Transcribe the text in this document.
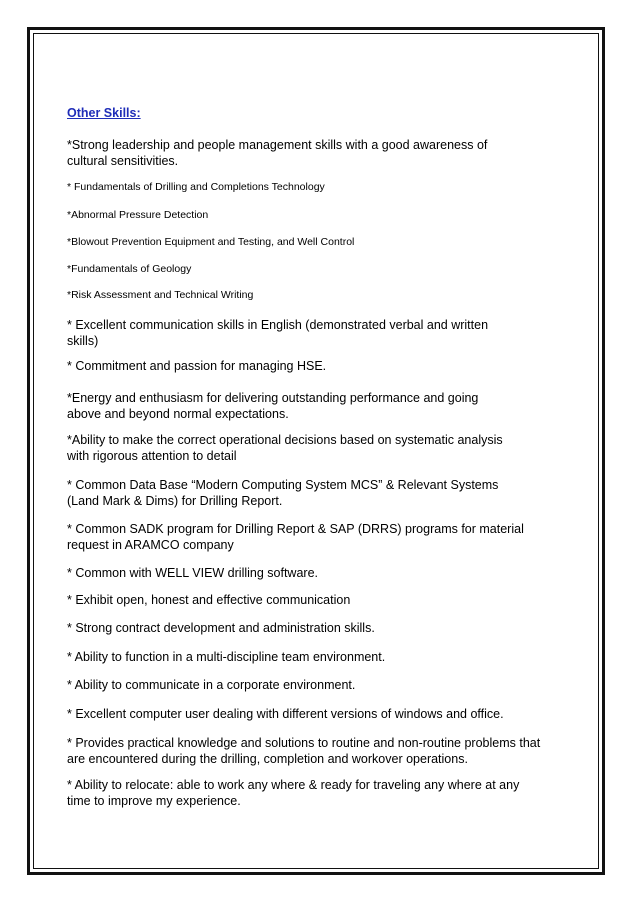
Other Skills:

*Strong leadership and people management skills with a good awareness of

cultural sensitivities.

* Fundamentals of Drilling and Completions Technology

*Abnormal Pressure Detection

*Blowout Prevention Equipment and Testing, and Well Control

*Fundamentals of Geology

*Risk Assessment and Technical Writing

* Excellent communication skills in English (demonstrated verbal and written

skills)

* Commitment and passion for managing HSE.

*Energy and enthusiasm for delivering outstanding performance and going

above and beyond normal expectations.

*Ability to make the correct operational decisions based on systematic analysis

with rigorous attention to detail

* Common Data Base “Modern Computing System MCS” & Relevant Systems

(Land Mark & Dims) for Drilling Report.

* Common SADK program for Drilling Report & SAP (DRRS) programs for material

request in ARAMCO company

* Common with WELL VIEW drilling software.

* Exhibit open, honest and effective communication

* Strong contract development and administration skills.

* Ability to function in a multi-discipline team environment.

* Ability to communicate in a corporate environment.

* Excellent computer user dealing with different versions of windows and office.

* Provides practical knowledge and solutions to routine and non-routine problems that

are encountered during the drilling, completion and workover operations.

* Ability to relocate: able to work any where & ready for traveling any where at any

time to improve my experience.
